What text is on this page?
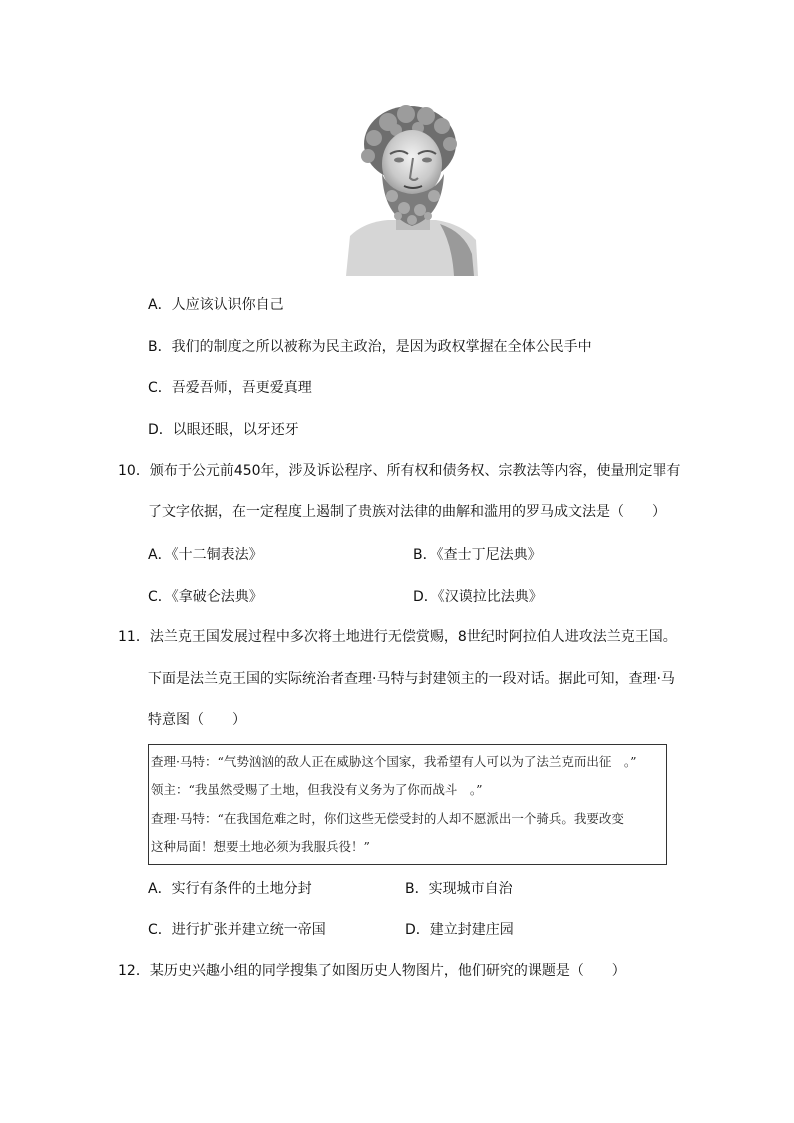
A．人应该认识你自己
B．我们的制度之所以被称为民主政治，是因为政权掌握在全体公民手中
C．吾爱吾师，吾更爱真理
D．以眼还眼，以牙还牙
10．颁布于公元前450年，涉及诉讼程序、所有权和债务权、宗教法等内容，使量刑定罪有
了文字依据，在一定程度上遏制了贵族对法律的曲解和滥用的罗马成文法是（　　）
A．《十二铜表法》	B．《查士丁尼法典》
C．《拿破仑法典》	D．《汉谟拉比法典》
11．法兰克王国发展过程中多次将土地进行无偿赏赐，8世纪时阿拉伯人进攻法兰克王国。
下面是法兰克王国的实际统治者查理·马特与封建领主的一段对话。据此可知，查理·马
特意图（　　）
查理·马特：“气势汹汹的敌人正在威胁这个国家，我希望有人可以为了法兰克而出征　。”
领主：“我虽然受赐了土地，但我没有义务为了你而战斗　。”
查理·马特：“在我国危难之时，你们这些无偿受封的人却不愿派出一个骑兵。我要改变
这种局面！想要土地必须为我服兵役！”
A．实行有条件的土地分封	B．实现城市自治
C．进行扩张并建立统一帝国	D．建立封建庄园
12．某历史兴趣小组的同学搜集了如图历史人物图片，他们研究的课题是（　　）
